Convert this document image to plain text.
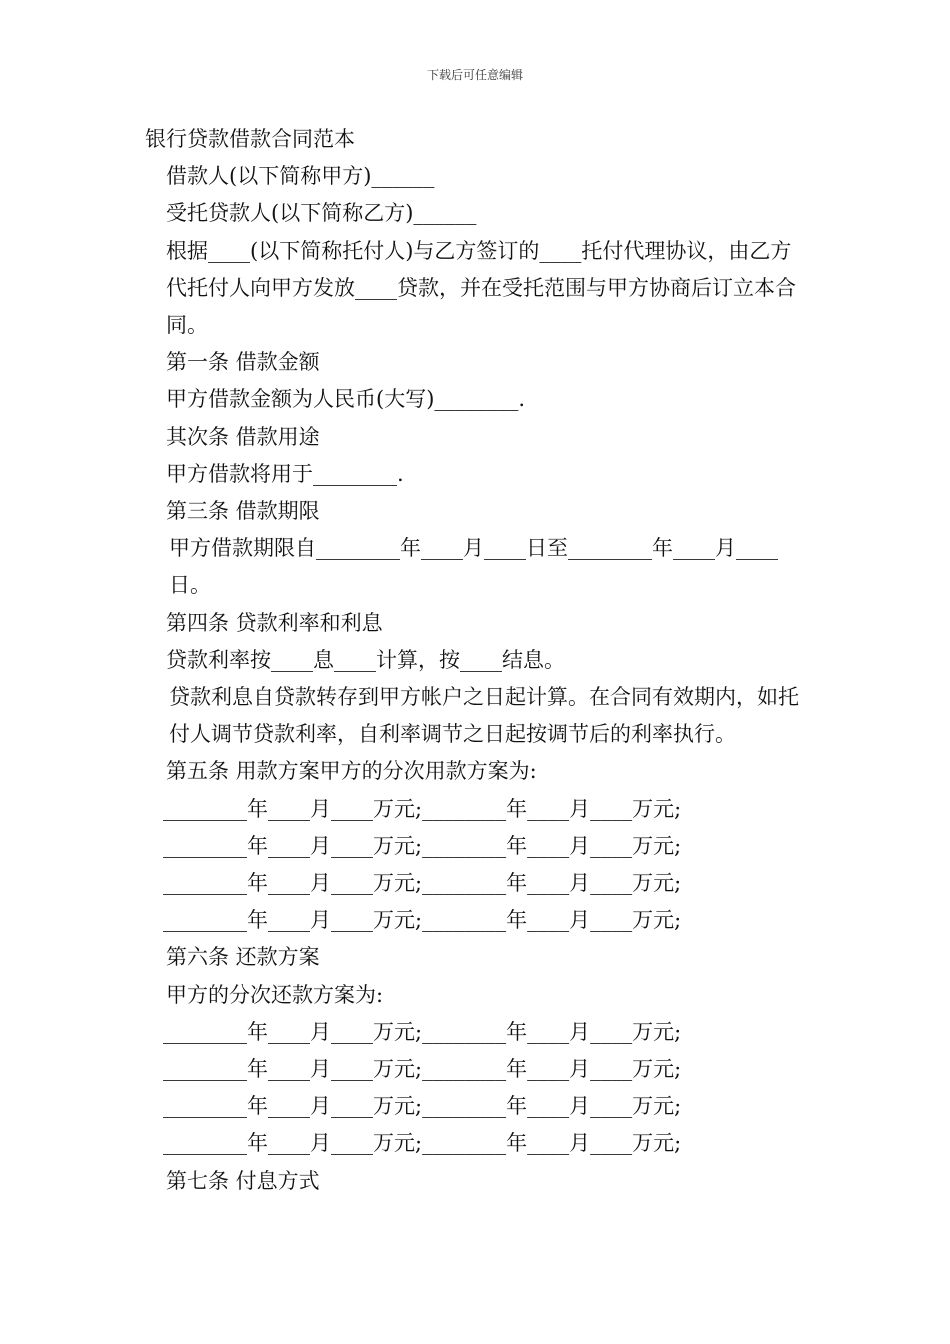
下载后可任意编辑

银行贷款借款合同范本

借款人(以下简称甲方)______

受托贷款人(以下简称乙方)______

根据____(以下简称托付人)与乙方签订的____托付代理协议，由乙方代托付人向甲方发放____贷款，并在受托范围与甲方协商后订立本合同。

第一条 借款金额

甲方借款金额为人民币(大写)________.

其次条 借款用途

甲方借款将用于________.

第三条 借款期限

甲方借款期限自________年____月____日至________年____月____日。

第四条 贷款利率和利息

贷款利率按____息____计算，按____结息。

贷款利息自贷款转存到甲方帐户之日起计算。在合同有效期内，如托付人调节贷款利率，自利率调节之日起按调节后的利率执行。

第五条 用款方案甲方的分次用款方案为:

________年____月____万元;________年____月____万元;

________年____月____万元;________年____月____万元;

________年____月____万元;________年____月____万元;

________年____月____万元;________年____月____万元;

第六条 还款方案

甲方的分次还款方案为:

________年____月____万元;________年____月____万元;

________年____月____万元;________年____月____万元;

________年____月____万元;________年____月____万元;

________年____月____万元;________年____月____万元;

第七条 付息方式
